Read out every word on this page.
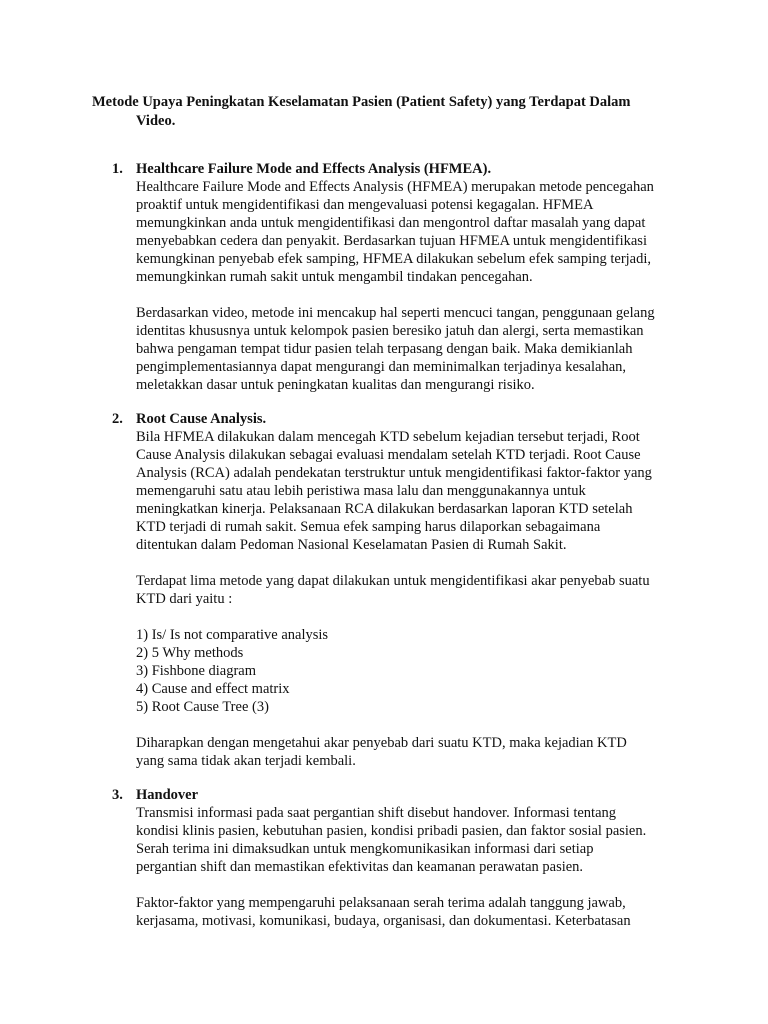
Metode Upaya Peningkatan Keselamatan Pasien (Patient Safety) yang Terdapat Dalam
Video.
1. Healthcare Failure Mode and Effects Analysis (HFMEA).

Healthcare Failure Mode and Effects Analysis (HFMEA) merupakan metode pencegahan
proaktif untuk mengidentifikasi dan mengevaluasi potensi kegagalan. HFMEA
memungkinkan anda untuk mengidentifikasi dan mengontrol daftar masalah yang dapat
menyebabkan cedera dan penyakit. Berdasarkan tujuan HFMEA untuk mengidentifikasi
kemungkinan penyebab efek samping, HFMEA dilakukan sebelum efek samping terjadi,
memungkinkan rumah sakit untuk mengambil tindakan pencegahan.

Berdasarkan video, metode ini mencakup hal seperti mencuci tangan, penggunaan gelang
identitas khususnya untuk kelompok pasien beresiko jatuh dan alergi, serta memastikan
bahwa pengaman tempat tidur pasien telah terpasang dengan baik. Maka demikianlah
pengimplementasiannya dapat mengurangi dan meminimalkan terjadinya kesalahan,
meletakkan dasar untuk peningkatan kualitas dan mengurangi risiko.

2. Root Cause Analysis.

Bila HFMEA dilakukan dalam mencegah KTD sebelum kejadian tersebut terjadi, Root
Cause Analysis dilakukan sebagai evaluasi mendalam setelah KTD terjadi. Root Cause
Analysis (RCA) adalah pendekatan terstruktur untuk mengidentifikasi faktor-faktor yang
memengaruhi satu atau lebih peristiwa masa lalu dan menggunakannya untuk
meningkatkan kinerja. Pelaksanaan RCA dilakukan berdasarkan laporan KTD setelah
KTD terjadi di rumah sakit. Semua efek samping harus dilaporkan sebagaimana
ditentukan dalam Pedoman Nasional Keselamatan Pasien di Rumah Sakit.

Terdapat lima metode yang dapat dilakukan untuk mengidentifikasi akar penyebab suatu
KTD dari yaitu :

1) Is/ Is not comparative analysis
2) 5 Why methods
3) Fishbone diagram
4) Cause and effect matrix
5) Root Cause Tree (3)

Diharapkan dengan mengetahui akar penyebab dari suatu KTD, maka kejadian KTD
yang sama tidak akan terjadi kembali.

3. Handover

Transmisi informasi pada saat pergantian shift disebut handover. Informasi tentang
kondisi klinis pasien, kebutuhan pasien, kondisi pribadi pasien, dan faktor sosial pasien.
Serah terima ini dimaksudkan untuk mengkomunikasikan informasi dari setiap
pergantian shift dan memastikan efektivitas dan keamanan perawatan pasien.

Faktor-faktor yang mempengaruhi pelaksanaan serah terima adalah tanggung jawab,
kerjasama, motivasi, komunikasi, budaya, organisasi, dan dokumentasi. Keterbatasan
